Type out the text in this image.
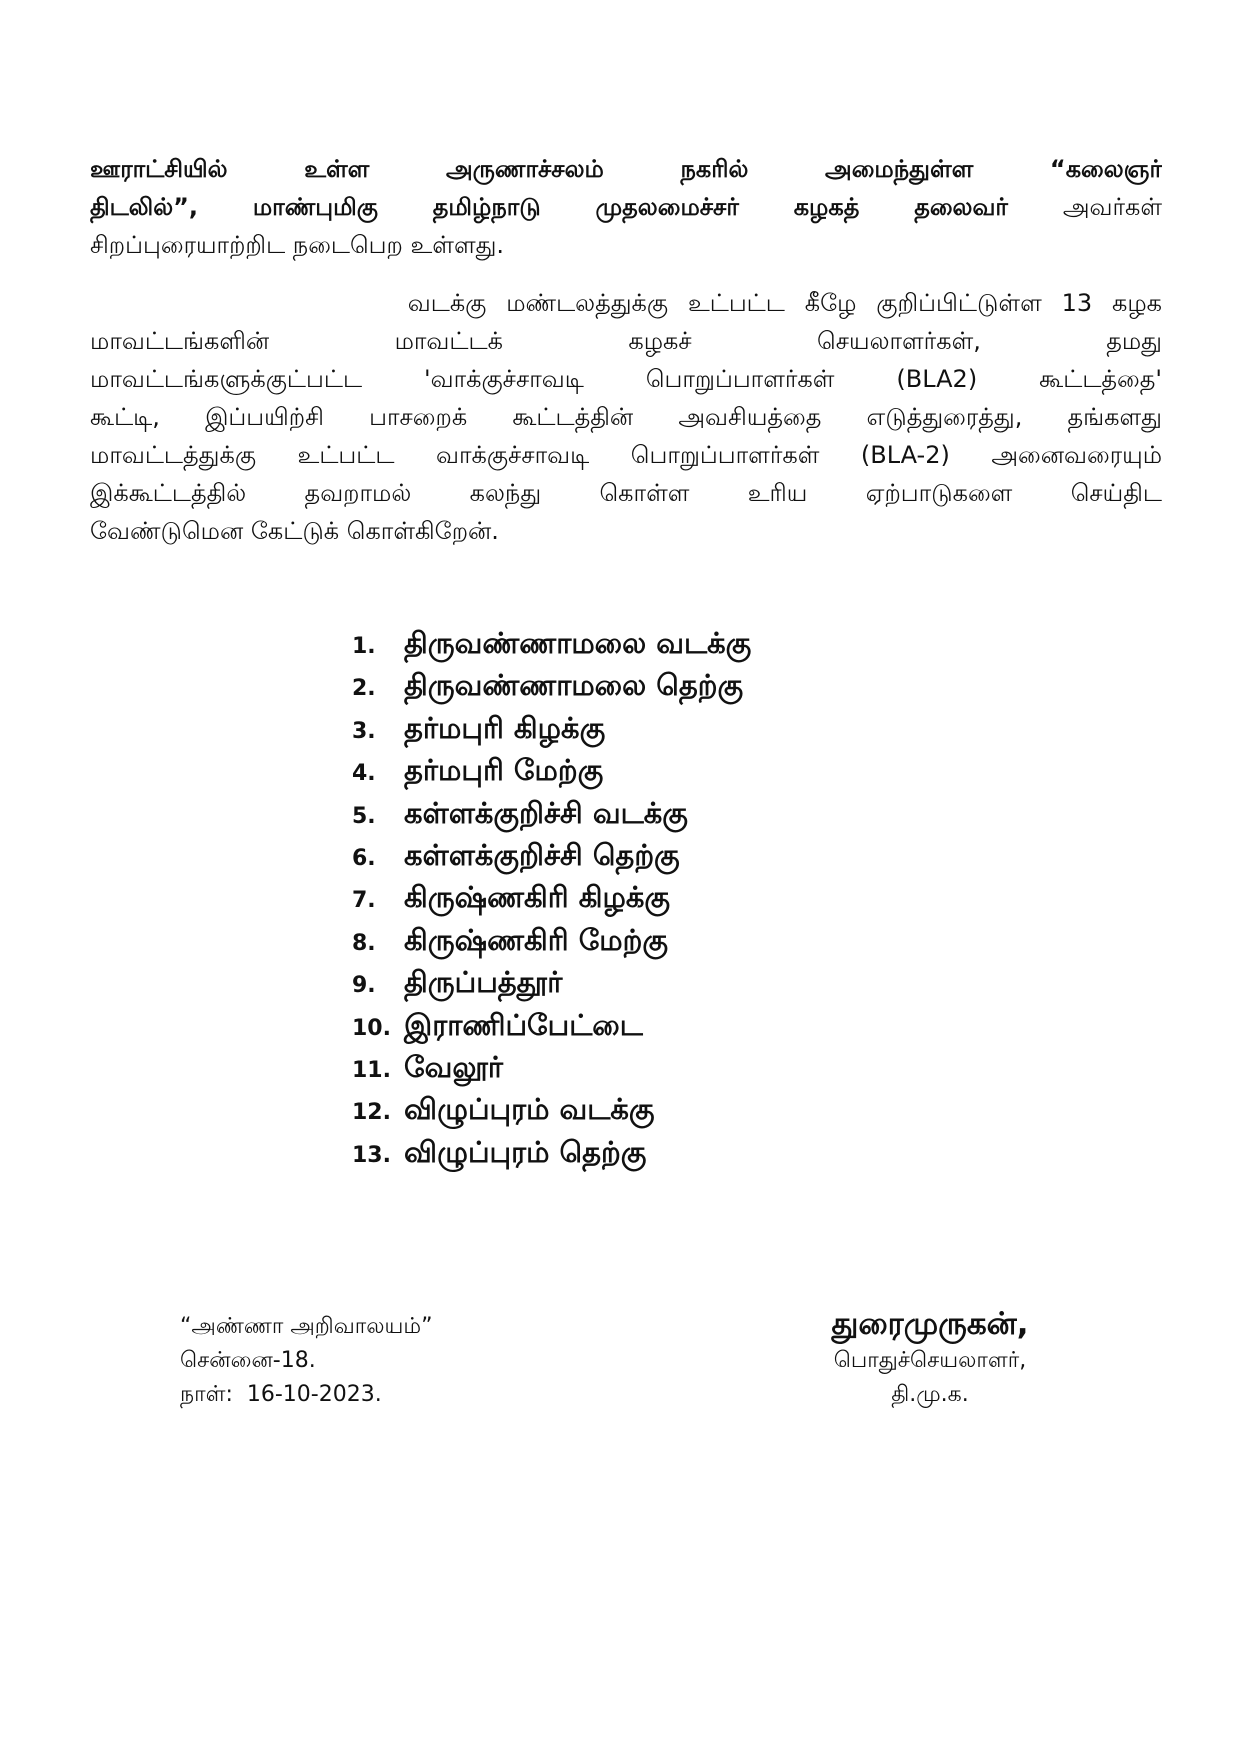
ஊராட்சியில் உள்ள அருணாச்சலம் நகரில் அமைந்துள்ள “கலைஞர்
திடலில்”, மாண்புமிகு தமிழ்நாடு முதலமைச்சர் கழகத் தலைவர் அவர்கள்
சிறப்புரையாற்றிட நடைபெற உள்ளது.
வடக்கு மண்டலத்துக்கு உட்பட்ட கீழே குறிப்பிட்டுள்ள 13 கழக
மாவட்டங்களின் மாவட்டக் கழகச் செயலாளர்கள், தமது
மாவட்டங்களுக்குட்பட்ட 'வாக்குச்சாவடி பொறுப்பாளர்கள் (BLA2) கூட்டத்தை'
கூட்டி, இப்பயிற்சி பாசறைக் கூட்டத்தின் அவசியத்தை எடுத்துரைத்து, தங்களது
மாவட்டத்துக்கு உட்பட்ட வாக்குச்சாவடி பொறுப்பாளர்கள் (BLA-2) அனைவரையும்
இக்கூட்டத்தில் தவறாமல் கலந்து கொள்ள உரிய ஏற்பாடுகளை செய்திட
வேண்டுமென கேட்டுக் கொள்கிறேன்.
1. திருவண்ணாமலை வடக்கு
2. திருவண்ணாமலை தெற்கு
3. தர்மபுரி கிழக்கு
4. தர்மபுரி மேற்கு
5. கள்ளக்குறிச்சி வடக்கு
6. கள்ளக்குறிச்சி தெற்கு
7. கிருஷ்ணகிரி கிழக்கு
8. கிருஷ்ணகிரி மேற்கு
9. திருப்பத்தூர்
10. இராணிப்பேட்டை
11. வேலூர்
12. விழுப்புரம் வடக்கு
13. விழுப்புரம் தெற்கு
“அண்ணா அறிவாலயம்”
சென்னை-18.
நாள்:  16-10-2023.
துரைமுருகன்,
பொதுச்செயலாளர்,
தி.மு.க.
